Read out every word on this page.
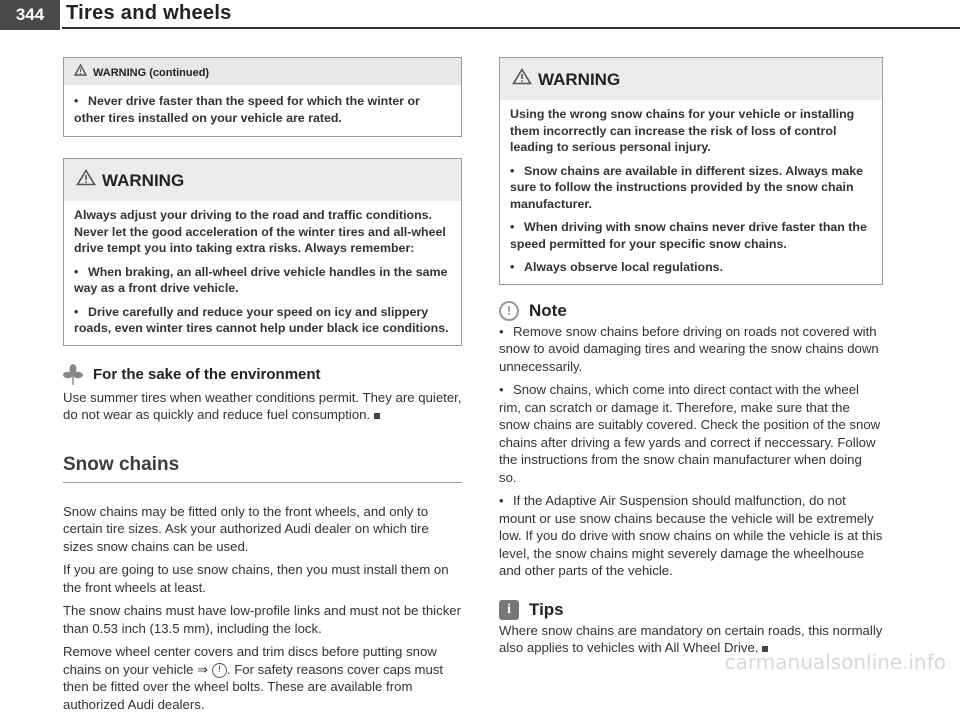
344	Tires and wheels
WARNING (continued)

• Never drive faster than the speed for which the winter or other tires installed on your vehicle are rated.

WARNING

Always adjust your driving to the road and traffic conditions. Never let the good acceleration of the winter tires and all-wheel drive tempt you into taking extra risks. Always remember:

• When braking, an all-wheel drive vehicle handles in the same way as a front drive vehicle.

• Drive carefully and reduce your speed on icy and slippery roads, even winter tires cannot help under black ice conditions.

For the sake of the environment
Use summer tires when weather conditions permit. They are quieter, do not wear as quickly and reduce fuel consumption.
Snow chains

Snow chains may be fitted only to the front wheels, and only to certain tire sizes. Ask your authorized Audi dealer on which tire sizes snow chains can be used.

If you are going to use snow chains, then you must install them on the front wheels at least.

The snow chains must have low-profile links and must not be thicker than 0.53 inch (13.5 mm), including the lock.

Remove wheel center covers and trim discs before putting snow chains on your vehicle ⇒ ! . For safety reasons cover caps must then be fitted over the wheel bolts. These are available from authorized Audi dealers.

WARNING

Using the wrong snow chains for your vehicle or installing them incorrectly can increase the risk of loss of control leading to serious personal injury.

• Snow chains are available in different sizes. Always make sure to follow the instructions provided by the snow chain manufacturer.

• When driving with snow chains never drive faster than the speed permitted for your specific snow chains.

• Always observe local regulations.

!	Note

• Remove snow chains before driving on roads not covered with snow to avoid damaging tires and wearing the snow chains down unnecessarily.

• Snow chains, which come into direct contact with the wheel rim, can scratch or damage it. Therefore, make sure that the snow chains are suitably covered. Check the position of the snow chains after driving a few yards and correct if neccessary. Follow the instructions from the snow chain manufacturer when doing so.

• If the Adaptive Air Suspension should malfunction, do not mount or use snow chains because the vehicle will be extremely low. If you do drive with snow chains on while the vehicle is at this level, the snow chains might severely damage the wheelhouse and other parts of the vehicle.

i	Tips
Where snow chains are mandatory on certain roads, this normally also applies to vehicles with All Wheel Drive.
carmanualsonline.info
